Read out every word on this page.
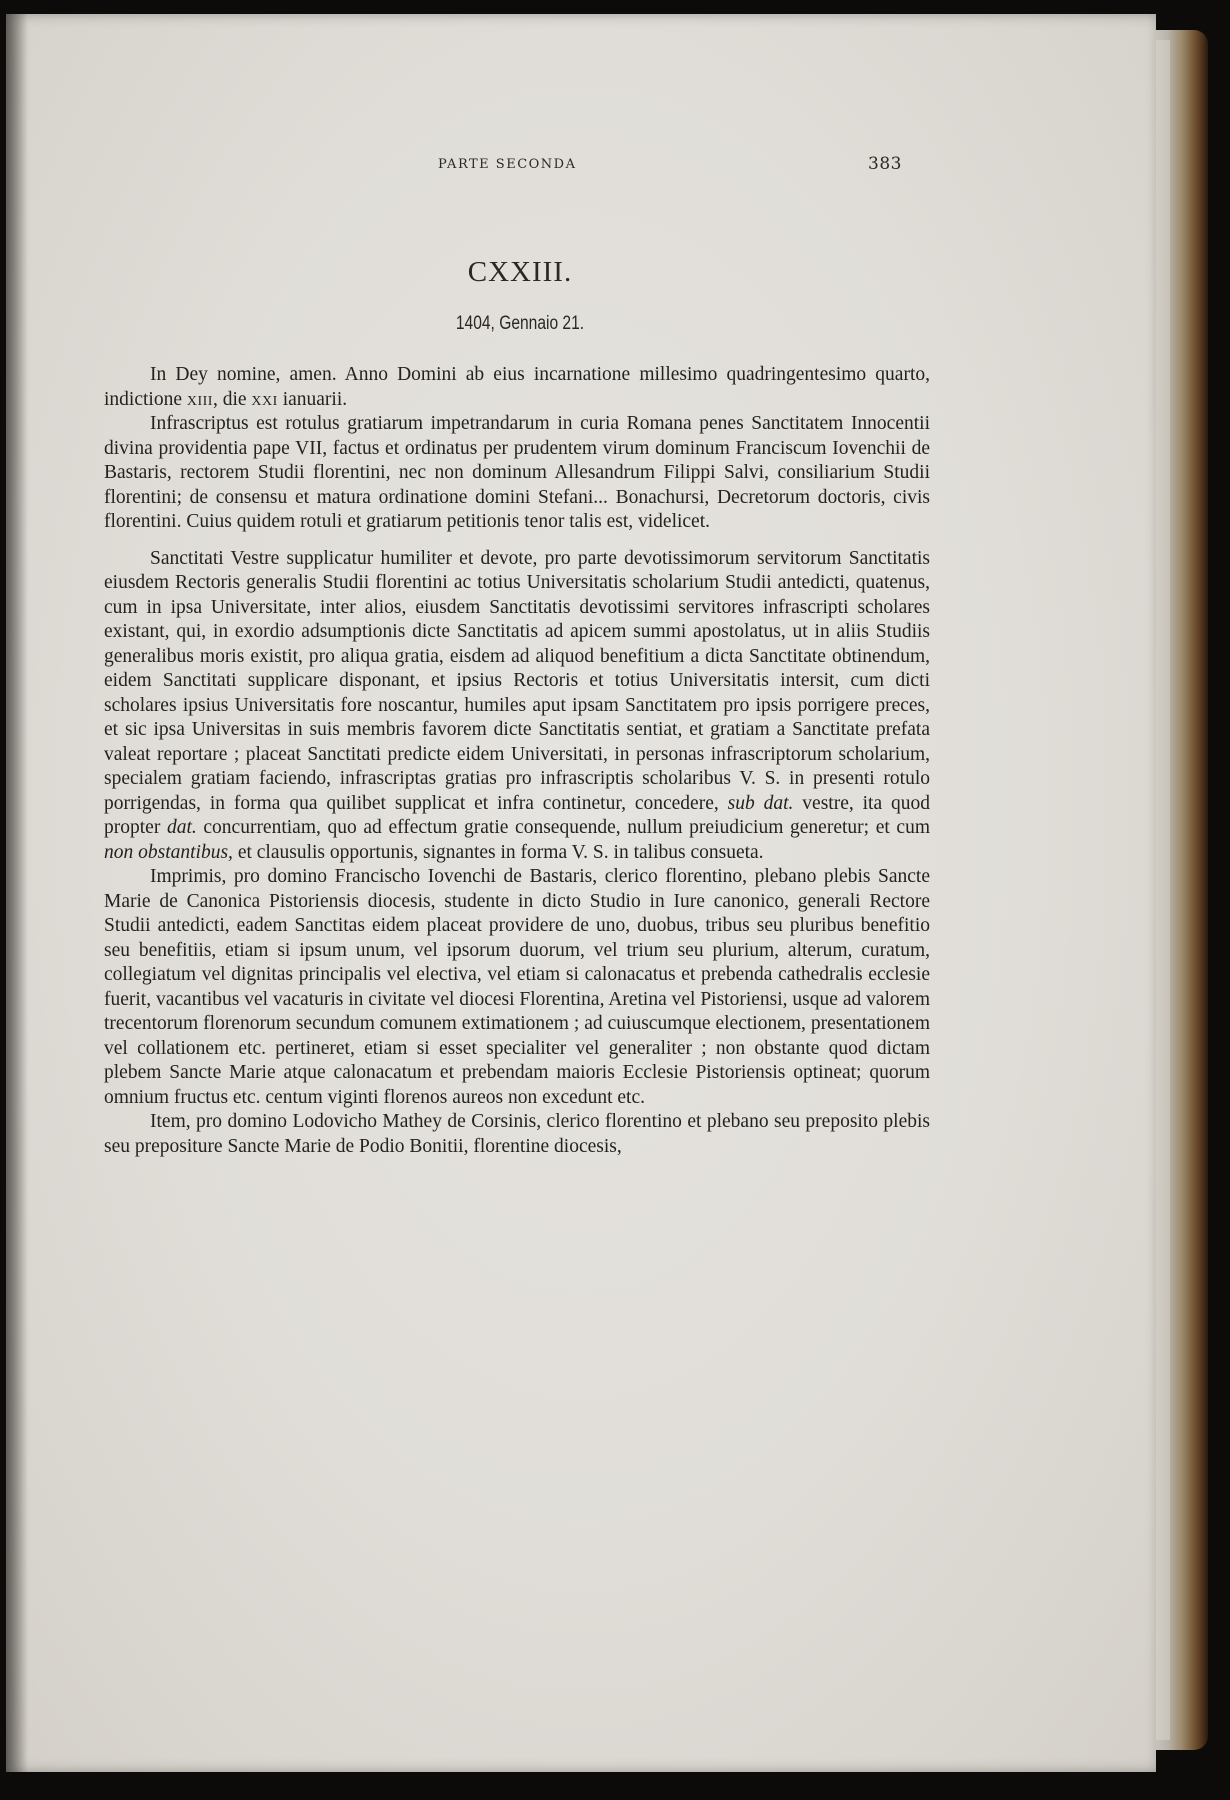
PARTE SECONDA	383
CXXIII.
1404, Gennaio 21.

In Dey nomine, amen. Anno Domini ab eius incarnatione millesimo quadringentesimo quarto, indictione xiii, die xxi ianuarii.

Infrascriptus est rotulus gratiarum impetrandarum in curia Romana penes Sanctitatem Innocentii divina providentia pape VII, factus et ordinatus per prudentem virum dominum Franciscum Iovenchii de Bastaris, rectorem Studii florentini, nec non dominum Allesandrum Filippi Salvi, consiliarium Studii florentini; de consensu et matura ordinatione domini Stefani... Bonachursi, Decretorum doctoris, civis florentini. Cuius quidem rotuli et gratiarum petitionis tenor talis est, videlicet.

Sanctitati Vestre supplicatur humiliter et devote, pro parte devotissimorum servitorum Sanctitatis eiusdem Rectoris generalis Studii florentini ac totius Universitatis scholarium Studii antedicti, quatenus, cum in ipsa Universitate, inter alios, eiusdem Sanctitatis devotissimi servitores infrascripti scholares existant, qui, in exordio adsumptionis dicte Sanctitatis ad apicem summi apostolatus, ut in aliis Studiis generalibus moris existit, pro aliqua gratia, eisdem ad aliquod benefitium a dicta Sanctitate obtinendum, eidem Sanctitati supplicare disponant, et ipsius Rectoris et totius Universitatis intersit, cum dicti scholares ipsius Universitatis fore noscantur, humiles aput ipsam Sanctitatem pro ipsis porrigere preces, et sic ipsa Universitas in suis membris favorem dicte Sanctitatis sentiat, et gratiam a Sanctitate prefata valeat reportare ; placeat Sanctitati predicte eidem Universitati, in personas infrascriptorum scholarium, specialem gratiam faciendo, infrascriptas gratias pro infrascriptis scholaribus V. S. in presenti rotulo porrigendas, in forma qua quilibet supplicat et infra continetur, concedere, sub dat. vestre, ita quod propter dat. concurrentiam, quo ad effectum gratie consequende, nullum preiudicium generetur; et cum non obstantibus, et clausulis opportunis, signantes in forma V. S. in talibus consueta.

Imprimis, pro domino Francischo Iovenchi de Bastaris, clerico florentino, plebano plebis Sancte Marie de Canonica Pistoriensis diocesis, studente in dicto Studio in Iure canonico, generali Rectore Studii antedicti, eadem Sanctitas eidem placeat providere de uno, duobus, tribus seu pluribus benefitio seu benefitiis, etiam si ipsum unum, vel ipsorum duorum, vel trium seu plurium, alterum, curatum, collegiatum vel dignitas principalis vel electiva, vel etiam si calonacatus et prebenda cathedralis ecclesie fuerit, vacantibus vel vacaturis in civitate vel diocesi Florentina, Aretina vel Pistoriensi, usque ad valorem trecentorum florenorum secundum comunem extimationem ; ad cuiuscumque electionem, presentationem vel collationem etc. pertineret, etiam si esset specialiter vel generaliter ; non obstante quod dictam plebem Sancte Marie atque calonacatum et prebendam maioris Ecclesie Pistoriensis optineat; quorum omnium fructus etc. centum viginti florenos aureos non excedunt etc.

Item, pro domino Lodovicho Mathey de Corsinis, clerico florentino et plebano seu preposito plebis seu prepositure Sancte Marie de Podio Bonitii, florentine diocesis,
